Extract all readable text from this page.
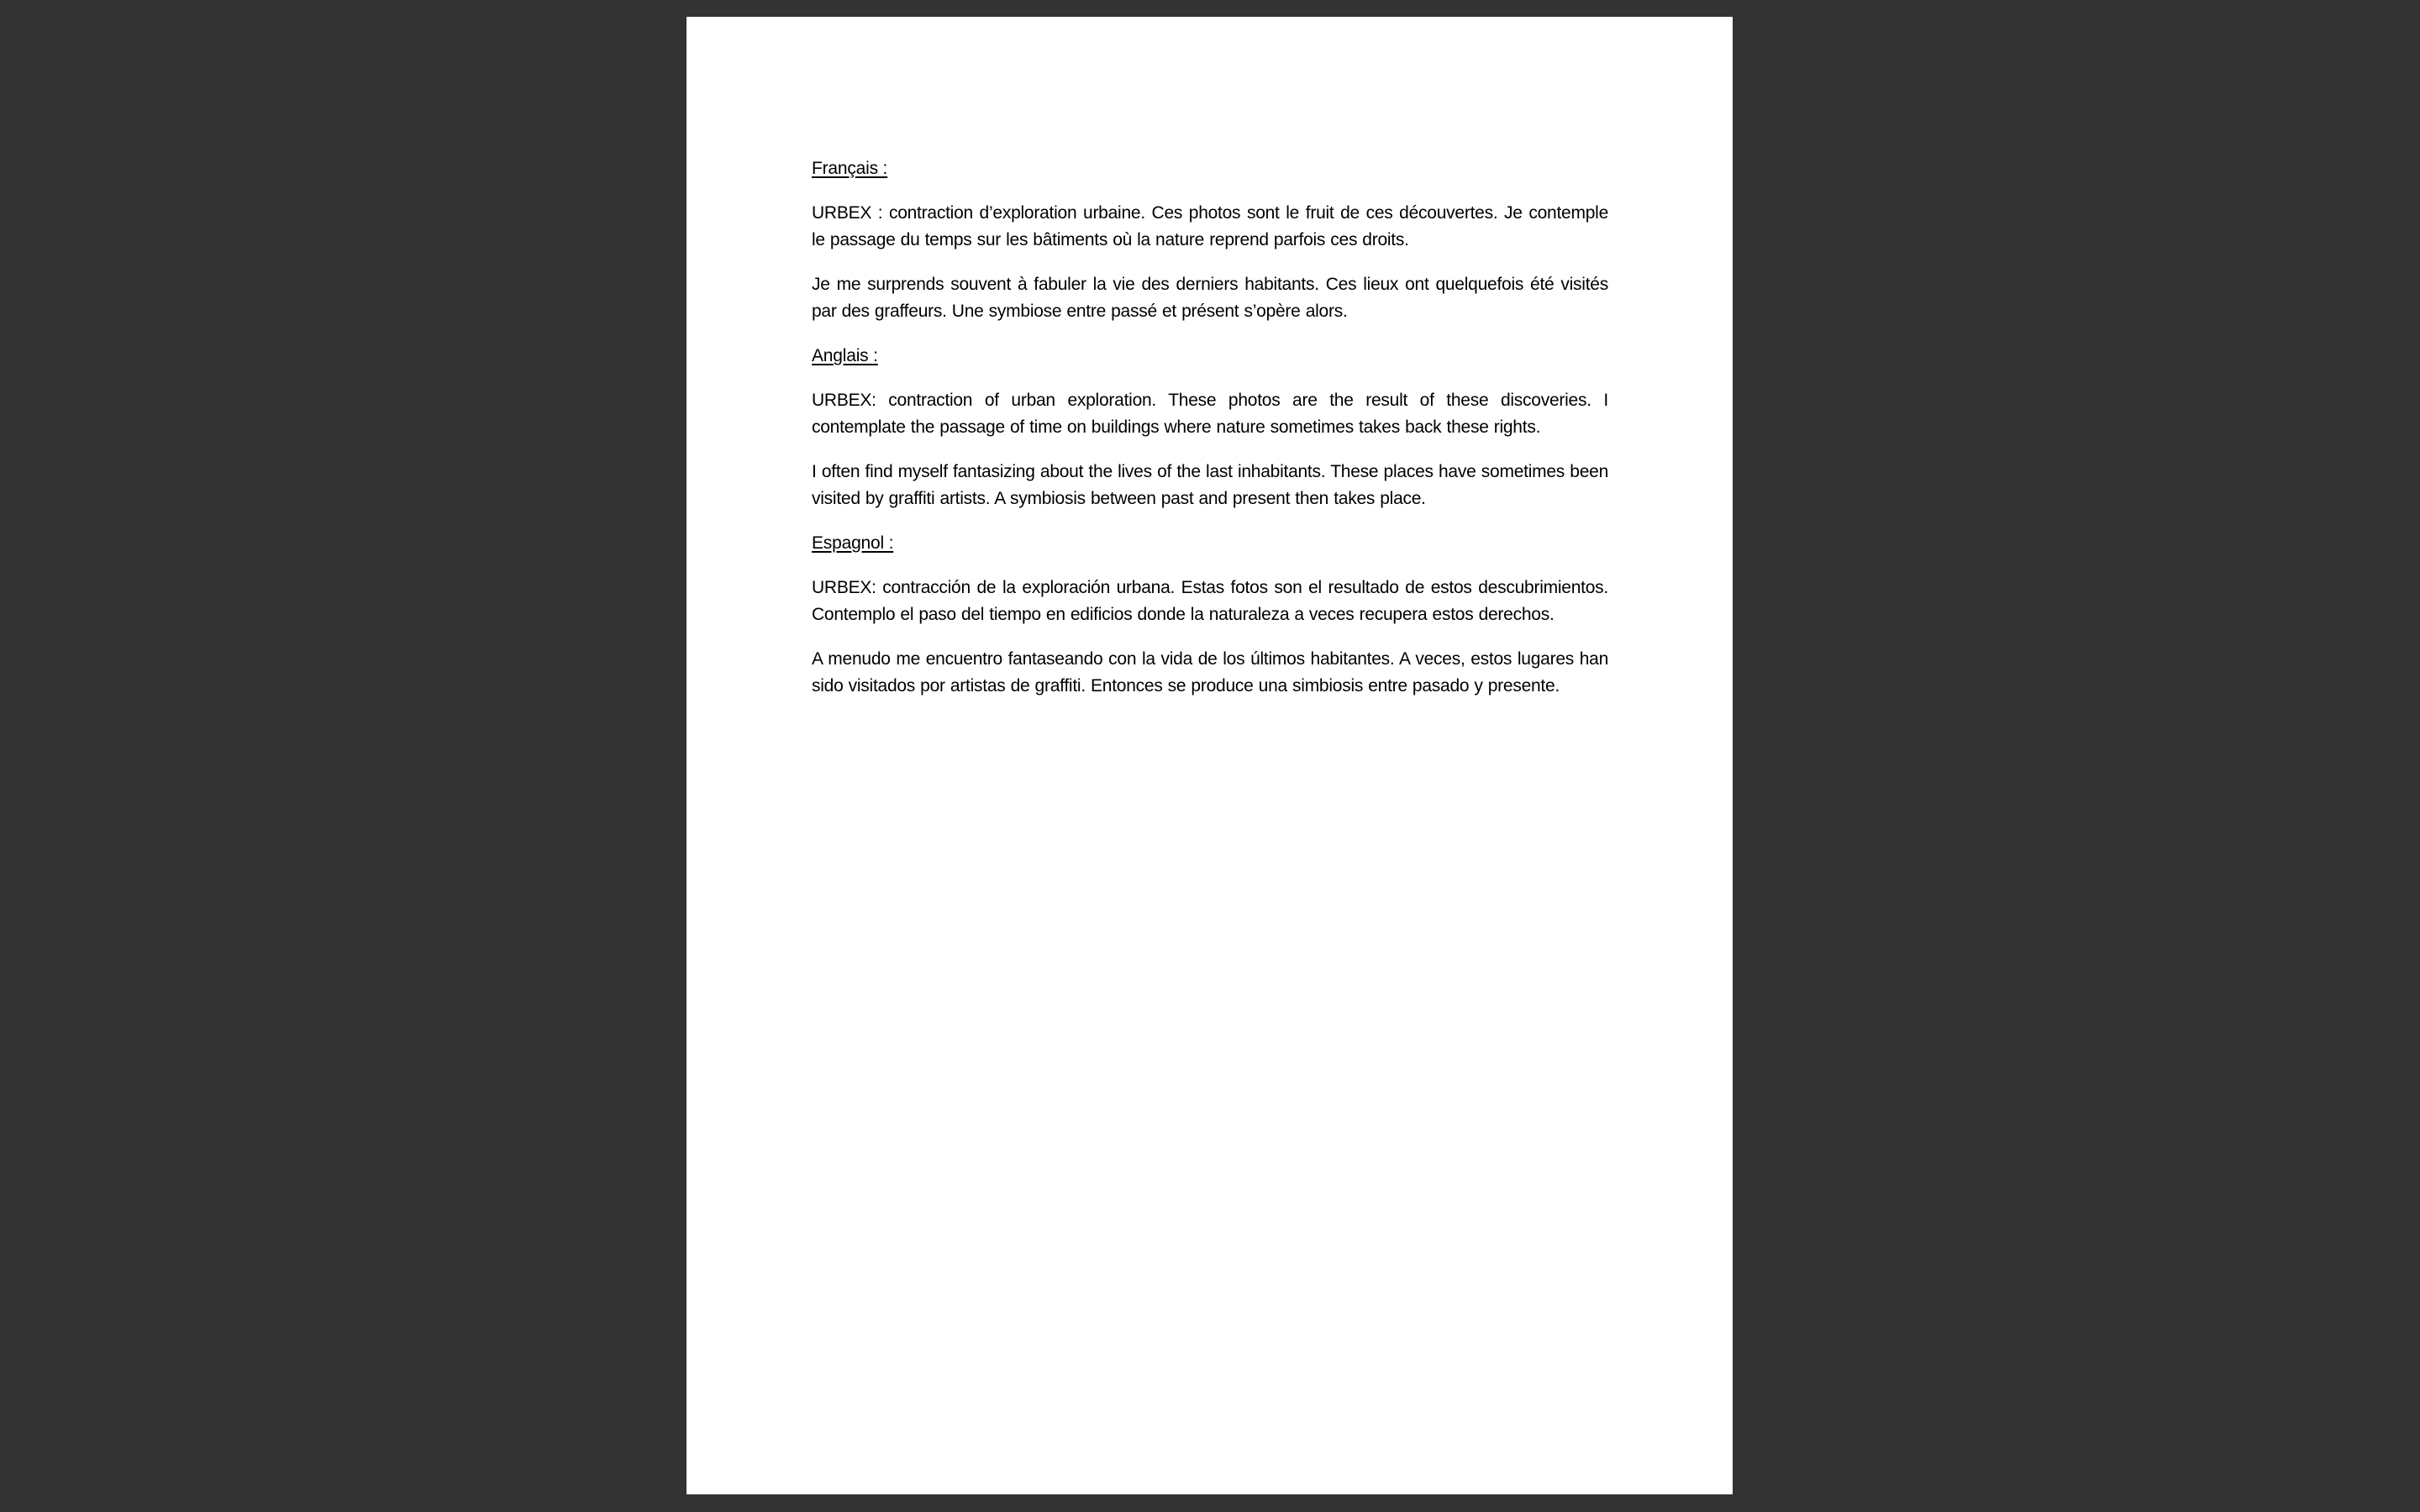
Français :

URBEX : contraction d’exploration urbaine. Ces photos sont le fruit de ces découvertes. Je contemple le passage du temps sur les bâtiments où la nature reprend parfois ces droits.

Je me surprends souvent à fabuler la vie des derniers habitants. Ces lieux ont quelquefois été visités par des graffeurs. Une symbiose entre passé et présent s’opère alors.

Anglais :

URBEX: contraction of urban exploration. These photos are the result of these discoveries. I contemplate the passage of time on buildings where nature sometimes takes back these rights.

I often find myself fantasizing about the lives of the last inhabitants. These places have sometimes been visited by graffiti artists. A symbiosis between past and present then takes place.

Espagnol :

URBEX: contracción de la exploración urbana. Estas fotos son el resultado de estos descubrimientos. Contemplo el paso del tiempo en edificios donde la naturaleza a veces recupera estos derechos.

A menudo me encuentro fantaseando con la vida de los últimos habitantes. A veces, estos lugares han sido visitados por artistas de graffiti. Entonces se produce una simbiosis entre pasado y presente.
